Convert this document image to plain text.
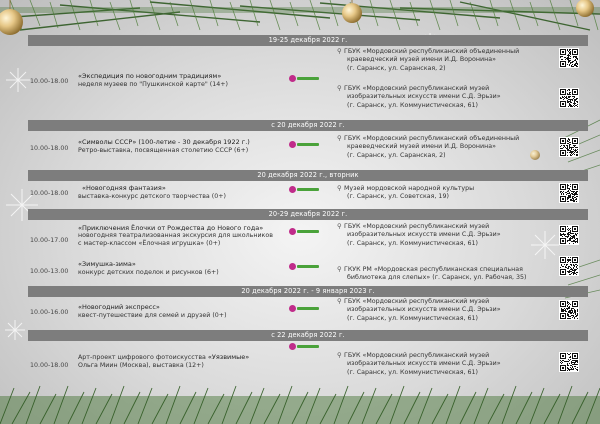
19-25 декабря 2022 г.
10.00-18.00
«Экспедиция по новогодним традициям»
неделя музеев по "Пушкинской карте" (14+)
⚲ ГБУК «Мордовский республиканский объединенный
краеведческий музей имени И.Д. Воронина»
(г. Саранск, ул. Саранская, 2)
⚲ ГБУК «Мордовский республиканский музей
изобразительных искусств имени С.Д. Эрьзи»
(г. Саранск, ул. Коммунистическая, 61)
с 20 декабря 2022 г.
10.00-18.00
«Символы СССР» (100-летие - 30 декабря 1922 г.)
Ретро-выставка, посвященная столетию СССР (6+)
⚲ ГБУК «Мордовский республиканский объединенный
краеведческий музей имени И.Д. Воронина»
(г. Саранск, ул. Саранская, 2)
20 декабря 2022 г., вторник
10.00-18.00
«Новогодняя фантазия»
выставка-конкурс детского творчества (0+)
⚲ Музей мордовской народной культуры
(г. Саранск, ул. Советская, 19)
20-29 декабря 2022 г.
10.00-17.00
«Приключения Ёлочки от Рождества до Нового года»
новогодняя театрализованная экскурсия для школьников
с мастер-классом «Ёлочная игрушка» (0+)
⚲ ГБУК «Мордовский республиканский музей
изобразительных искусств имени С.Д. Эрьзи»
(г. Саранск, ул. Коммунистическая, 61)
10.00-13.00
«Зимушка-зима»
конкурс детских поделок и рисунков (6+)	⚲ ГКУК РМ «Мордовская республиканская специальная
библиотека для слепых» (г. Саранск, ул. Рабочая, 35)
20 декабря 2022 г. - 9 января 2023 г.
10.00-16.00
«Новогодний экспресс»
квест-путешествие для семей и друзей (0+)
⚲ ГБУК «Мордовский республиканский музей
изобразительных искусств имени С.Д. Эрьзи»
(г. Саранск, ул. Коммунистическая, 61)
с 22 декабря 2022 г.
10.00-18.00
Арт-проект цифрового фотоискусства «Уязвимые»
Ольга Миин (Москва), выставка (12+)
⚲ ГБУК «Мордовский республиканский музей
изобразительных искусств имени С.Д. Эрьзи»
(г. Саранск, ул. Коммунистическая, 61)
